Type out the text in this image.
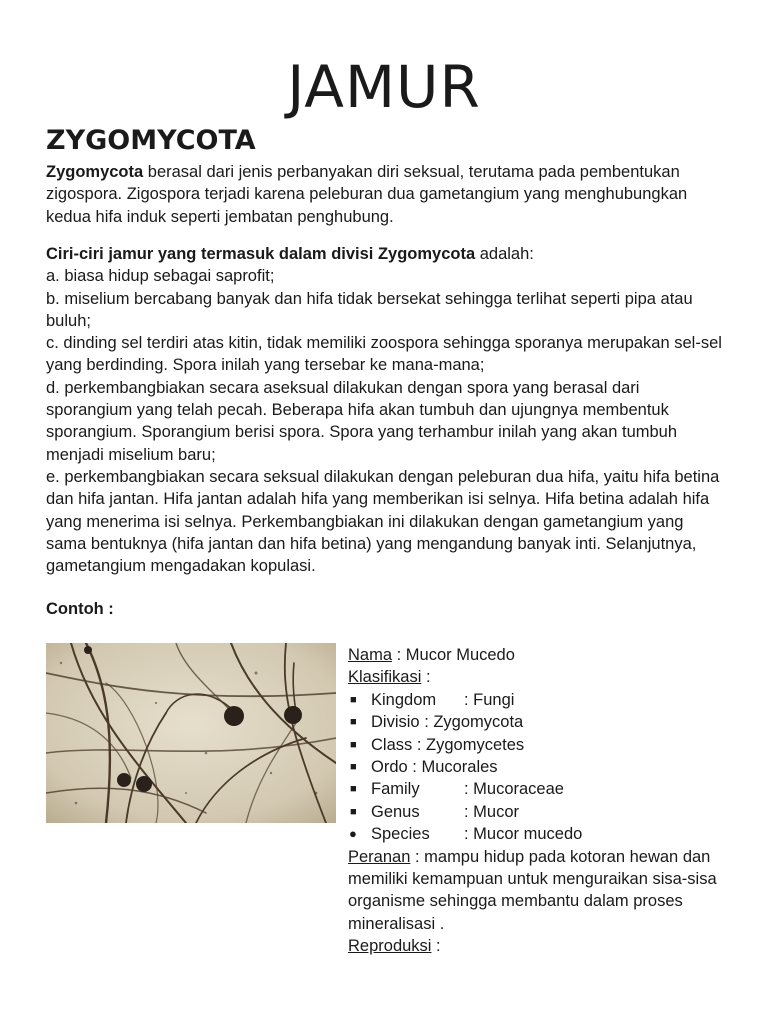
JAMUR
ZYGOMYCOTA

Zygomycota berasal dari jenis perbanyakan diri seksual, terutama pada pembentukan zigospora. Zigospora terjadi karena peleburan dua gametangium yang menghubungkan kedua hifa induk seperti jembatan penghubung.

Ciri-ciri jamur yang termasuk dalam divisi Zygomycota adalah:
a. biasa hidup sebagai saprofit;
b. miselium bercabang banyak dan hifa tidak bersekat sehingga terlihat seperti pipa atau buluh;
c. dinding sel terdiri atas kitin, tidak memiliki zoospora sehingga sporanya merupakan sel-sel yang berdinding. Spora inilah yang tersebar ke mana-mana;
d. perkembangbiakan secara aseksual dilakukan dengan spora yang berasal dari sporangium yang telah pecah. Beberapa hifa akan tumbuh dan ujungnya membentuk sporangium. Sporangium berisi spora. Spora yang terhambur inilah yang akan tumbuh menjadi miselium baru;
e. perkembangbiakan secara seksual dilakukan dengan peleburan dua hifa, yaitu hifa betina dan hifa jantan. Hifa jantan adalah hifa yang memberikan isi selnya. Hifa betina adalah hifa yang menerima isi selnya. Perkembangbiakan ini dilakukan dengan gametangium yang sama bentuknya (hifa jantan dan hifa betina) yang mengandung banyak inti. Selanjutnya, gametangium mengadakan kopulasi.

Contoh :

Nama : Mucor Mucedo
Klasifikasi :
■ Kingdom : Fungi
■ Divisio : Zygomycota
■ Class : Zygomycetes
■ Ordo : Mucorales
■ Family	: Mucoraceae
■ Genus	: Mucor
● Species : Mucor mucedo
Peranan : mampu hidup pada kotoran hewan dan memiliki kemampuan untuk menguraikan sisa-sisa organisme sehingga membantu dalam proses mineralisasi .
Reproduksi :
